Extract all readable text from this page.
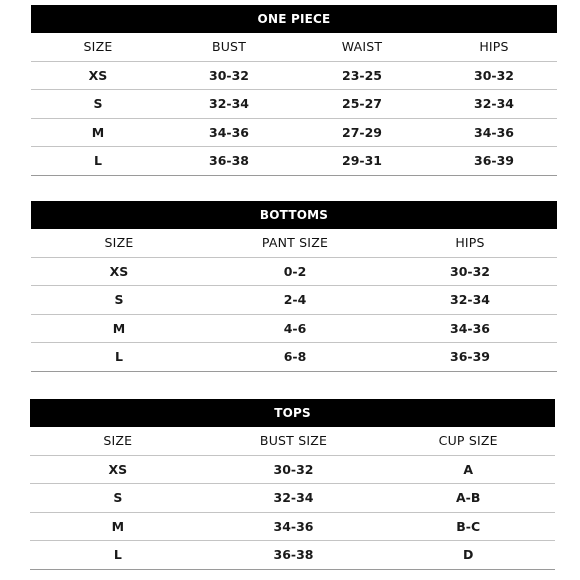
ONE PIECE
SIZE	BUST	WAIST	HIPS
XS	30-32	23-25	30-32
S	32-34	25-27	32-34
M	34-36	27-29	34-36
L	36-38	29-31	36-39
BOTTOMS
SIZE	PANT SIZE	HIPS
XS	0-2	30-32
S	2-4	32-34
M	4-6	34-36
L	6-8	36-39
TOPS
SIZE	BUST SIZE	CUP SIZE
XS	30-32	A
S	32-34	A-B
M	34-36	B-C
L	36-38	D
